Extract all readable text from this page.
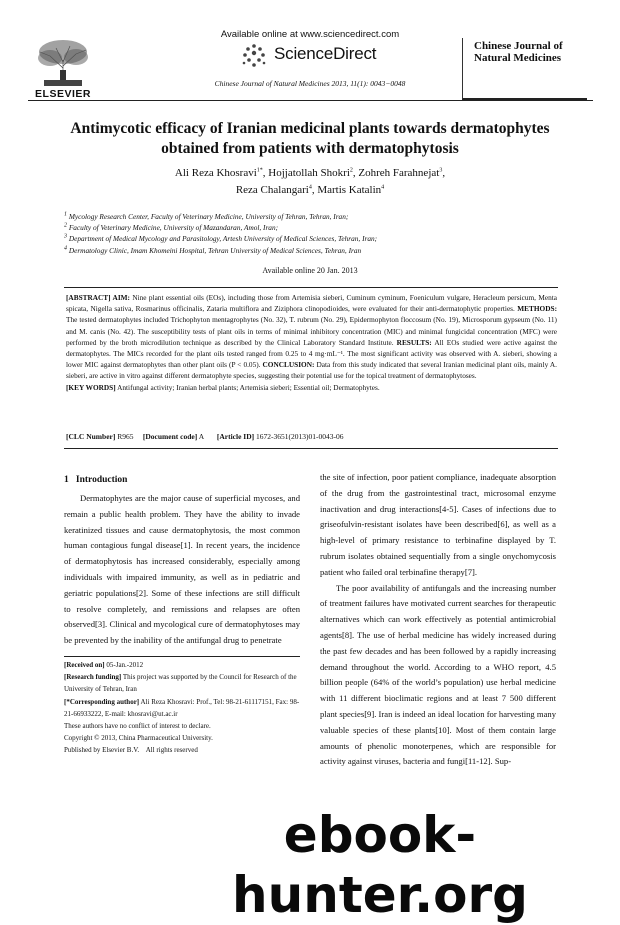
ELSEVIER
Available online at www.sciencedirect.com
ScienceDirect
Chinese Journal of Natural Medicines 2013, 11(1): 0043−0048
Chinese Journal of Natural Medicines
Antimycotic efficacy of Iranian medicinal plants towards dermatophytes obtained from patients with dermatophytosis
Ali Reza Khosravi$^{1*}$, Hojjatollah Shokri$^2$, Zohreh Farahnejat$^3$,
Reza Chalangari$^4$, Martis Katalin$^4$
$^1$ Mycology Research Center, Faculty of Veterinary Medicine, University of Tehran, Tehran, Iran;
$^2$ Faculty of Veterinary Medicine, University of Mazandaran, Amol, Iran;
$^3$ Department of Medical Mycology and Parasitology, Artesh University of Medical Sciences, Tehran, Iran;
$^4$ Dermatology Clinic, Imam Khomeini Hospital, Tehran University of Medical Sciences, Tehran, Iran
Available online 20 Jan. 2013
[ABSTRACT] AIM: Nine plant essential oils (EOs), including those from Artemisia sieberi, Cuminum cyminum, Foeniculum vulgare, Heracleum persicum, Menta spicata, Nigella sativa, Rosmarinus officinalis, Zataria multiflora and Ziziphora clinopodioides, were evaluated for their anti-dermatophytic properties. METHODS: The tested dermatophytes included Trichophyton mentagrophytes (No. 32), T. rubrum (No. 29), Epidermophyton floccosum (No. 19), Microsporum gypseum (No. 11) and M. canis (No. 42). The susceptibility tests of plant oils in terms of minimal inhibitory concentration (MIC) and minimal fungicidal concentration (MFC) were performed by the broth microdilution technique as described by the Clinical Laboratory Standard Institute. RESULTS: All EOs studied were active against the dermatophytes. The MICs recorded for the plant oils tested ranged from 0.25 to 4 mg·mL⁻¹. The most significant activity was observed with A. sieberi, showing a lower MIC against dermatophytes than other plant oils (P < 0.05). CONCLUSION: Data from this study indicated that several Iranian medicinal plant oils, mainly A. sieberi, are active in vitro against different dermatophyte species, suggesting their potential use for the topical treatment of dermatophytoses.
[KEY WORDS] Antifungal activity; Iranian herbal plants; Artemisia sieberi; Essential oil; Dermatophytes.
[CLC Number] R965 [Document code] A [Article ID] 1672-3651(2013)01-0043-06
1   Introduction
Dermatophytes are the major cause of superficial mycoses, and remain a public health problem. They have the ability to invade keratinized tissues and cause dermatophytosis, the most common human contagious fungal disease[1]. In recent years, the incidence of dermatophytosis has increased considerably, especially among individuals with impaired immunity, as well as in pediatric and geriatric populations[2]. Some of these infections are still difficult to resolve completely, and remissions and relapses are often observed[3]. Clinical and mycological cure of dermatophytoses may be prevented by the inability of the antifungal drug to penetrate
the site of infection, poor patient compliance, inadequate absorption of the drug from the gastrointestinal tract, microsomal enzyme inactivation and drug interactions[4-5]. Cases of infections due to griseofulvin-resistant isolates have been described[6], as well as a high-level of primary resistance to terbinafine displayed by T. rubrum isolates obtained sequentially from a single onychomycosis patient who failed oral terbinafine therapy[7].
The poor availability of antifungals and the increasing number of treatment failures have motivated current searches for therapeutic alternatives which can work effectively as potential antimicrobial agents[8]. The use of herbal medicine has widely increased during the past few decades and has been followed by a rapidly increasing demand throughout the world. According to a WHO report, 4.5 billion people (64% of the world’s population) use herbal medicine with 11 different bioclimatic regions and at least 7 500 different plant species[9]. Iran is indeed an ideal location for harvesting many valuable species of these plants[10]. Most of them contain large amounts of phenolic monoterpenes, which are responsible for activity against viruses, bacteria and fungi[11-12]. Sup-
[Received on] 05-Jan.-2012
[Research funding] This project was supported by the Council for Research of the University of Tehran, Iran
[*Corresponding author] Ali Reza Khosravi: Prof., Tel: 98-21-61117151, Fax: 98-21-66933222, E-mail: khosravi@ut.ac.ir
These authors have no conflict of interest to declare.
Copyright © 2013, China Pharmaceutical University.
Published by Elsevier B.V.    All rights reserved
ebook-hunter.org
